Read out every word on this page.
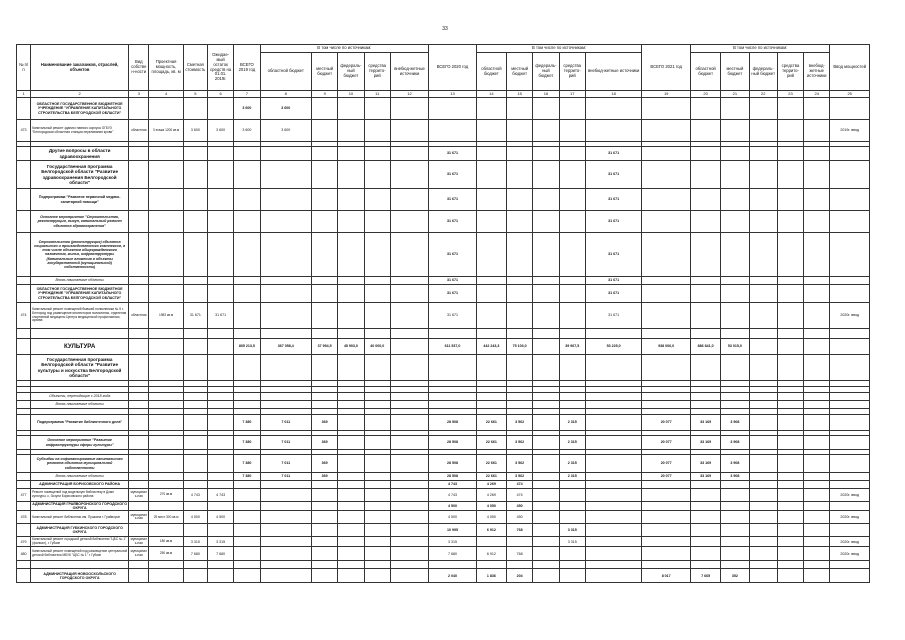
33
№ п/п	Наименование заказчиков, отраслей, объектов	Вид собствен-ности	Проектная мощность, площадь, кв. м	Сметная стоимость	Ожидае-мый остаток средств на 01.01. 2019г.	ВСЕГО 2019 год	В том числе по источникам:					ВСЕГО 2020 год	В том числе по источникам:					ВСЕГО 2021 год	В том числе по источникам:					Ввод мощностей
							областной бюджет	местный бюджет	федераль-ный бюджет	средства террито-рий	внебюд-жетные источники		областной бюджет	местный бюджет	федераль-ный бюджет	средства террито-рий	внебюд-жетные источники		областной бюджет	местный бюджет	федераль-ный бюджет	средства террито-рий	внебюд-жетные источники	
1	2	3	4	5	6	7	8	9	10	11	12	13	14	15	16	17	18	19	20	21	22	23	24	25
	ОБЛАСТНОЕ ГОСУДАРСТВЕННОЕ БЮДЖЕТНОЕ УЧРЕЖДЕНИЕ "УПРАВЛЕНИЕ КАПИТАЛЬНОГО СТРОИТЕЛЬСТВА БЕЛГОРОДСКОЙ ОБЛАСТИ"					3 600	3 600																	
473	Капитальный ремонт здания главного корпуса ОГБУЗ "Белгородская областная станция переливания крови"	областная	3 этажа 1200 кв.м	3 600	3 600	3 600	3 600																	2019г. ввод

	Другие вопросы в области здравоохранения											31 671					31 671							
	Государственная программа Белгородской области "Развитие здравоохранения Белгородской области"											31 671					31 671							
	Подпрограмма "Развитие первичной медико-санитарной помощи"											31 671					31 671							
	Основное мероприятие "Строительство, реконструкция, выкуп, капитальный ремонт объектов здравоохранения"											31 671					31 671							
	Строительство (реконструкция) объектов социального и производственного комплексов, в том числе объектов общегражданского назначения, жилья, инфраструктуры (Капитальные вложения в объекты государственной (муниципальной) собственности)											31 671					31 671							
	Вновь начинаемые объекты											31 671					31 671							
	ОБЛАСТНОЕ ГОСУДАРСТВЕННОЕ БЮДЖЕТНОЕ УЧРЕЖДЕНИЕ "УПРАВЛЕНИЕ КАПИТАЛЬНОГО СТРОИТЕЛЬСТВА БЕЛГОРОДСКОЙ ОБЛАСТИ"											31 671					31 671							
474	Капитальный ремонт помещений бывшей поликлиники № 5 г. Белгород под размещение инспекторов поликлиник, отделения спортивной медицины Центра медицинской профилактики, архива	областная	1983 кв.м	31 671	31 671							31 671					31 671							2020г. ввод

	КУЛЬТУРА					805 213,5	367 058,4	37 994,5	45 903,0	40 000,0		611 537,0	442 243,3	75 103,0		39 967,5	53 225,0	938 006,0	886 841,0	53 015,0				
	Государственная программа Белгородской области "Развитие культуры и искусства Белгородской области"																							

	Объекты, переходящие с 2018 года																							
	Вновь начинаемые объекты																							

	Подпрограмма "Развитие библиотечного дела"					7 380	7 011	369				28 508	22 661	3 562		2 315		20 077	33 169	3 908				

	Основное мероприятие "Развитие инфраструктуры сферы культуры"					7 380	7 011	369				28 508	22 661	3 562		2 315		20 077	33 169	3 908				

	Субсидии на софинансирование капитального ремонта объектов муниципальной собственности					7 380	7 011	369				28 508	22 661	3 562		2 315		20 077	33 169	3 908				
	Вновь начинаемые объекты					7 380	7 011	369				28 508	22 661	3 562		2 315		20 077	33 169	3 908				
	АДМИНИСТРАЦИЯ БОРИСОВСКОГО РАЙОНА											4 743	4 269	474										
477	Ремонт помещений под модельную библиотеку в Доме культуры, с. Зозули Борисовского района	муниципаль-ная	270 кв.м	4 743	4 743							4 743	4 269	474										2020г. ввод
	АДМИНИСТРАЦИЯ ГРАЙВОРОНСКОГО ГОРОДСКОГО ОКРУГА											4 500	4 050	450										
478	Капитальный ремонт библиотеки им. Пушкина г. Грайворон	муниципаль-ная	25 мест 300 кв.м	4 500	4 500							4 500	4 050	450										2020г. ввод
	АДМИНИСТРАЦИЯ ГУБКИНСКОГО ГОРОДСКОГО ОКРУГА											10 995	6 912	768		3 315								
479	Капитальный ремонт городской детской библиотеки "ЦБС № 1" (филиал), г. Губкин	муниципаль-ная	180 кв.м	3 315	3 315							3 315				3 315								2020г. ввод
480	Капитальный ремонт помещений под размещение центральной детской библиотеки МБУК "ЦБС № 1" г. Губкин	муниципаль-ная	250 кв.м	7 680	7 680							7 680	6 912	768										2020г. ввод

	АДМИНИСТРАЦИЯ НОВООСКОЛЬСКОГО ГОРОДСКОГО ОКРУГА											2 040	1 836	204				8 017	7 665	352				
